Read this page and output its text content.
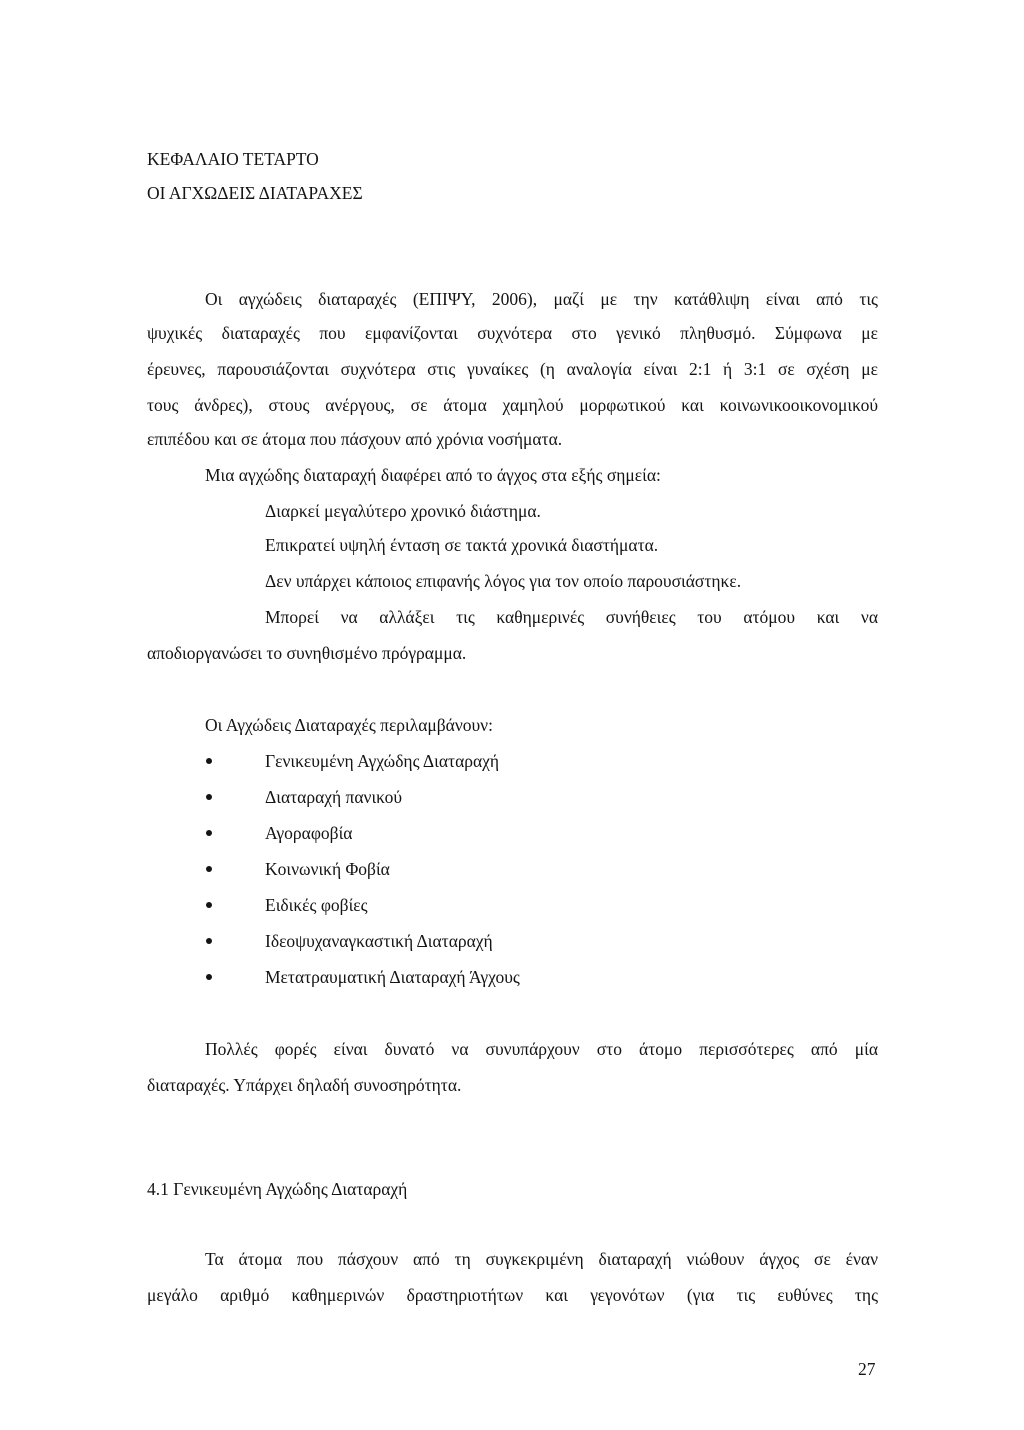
ΚΕΦΑΛΑΙΟ ΤΕΤΑΡΤΟ
ΟΙ ΑΓΧΩΔΕΙΣ ΔΙΑΤΑΡΑΧΕΣ
Οι αγχώδεις διαταραχές (ΕΠΙΨΥ, 2006), μαζί με την κατάθλιψη είναι από τις
ψυχικές διαταραχές που εμφανίζονται συχνότερα στο γενικό πληθυσμό. Σύμφωνα με
έρευνες, παρουσιάζονται συχνότερα στις γυναίκες (η αναλογία είναι 2:1 ή 3:1 σε σχέση με
τους άνδρες), στους ανέργους, σε άτομα χαμηλού μορφωτικού και κοινωνικοοικονομικού
επιπέδου και σε άτομα που πάσχουν από χρόνια νοσήματα.
Μια αγχώδης διαταραχή διαφέρει από το άγχος στα εξής σημεία:
Διαρκεί μεγαλύτερο χρονικό διάστημα.
Επικρατεί υψηλή ένταση σε τακτά χρονικά διαστήματα.
Δεν υπάρχει κάποιος επιφανής λόγος για τον οποίο παρουσιάστηκε.
Μπορεί να αλλάξει τις καθημερινές συνήθειες του ατόμου και να
αποδιοργανώσει το συνηθισμένο πρόγραμμα.
Οι Αγχώδεις Διαταραχές περιλαμβάνουν:
Γενικευμένη Αγχώδης Διαταραχή
Διαταραχή πανικού
Αγοραφοβία
Κοινωνική Φοβία
Ειδικές φοβίες
Ιδεοψυχαναγκαστική Διαταραχή
Μετατραυματική Διαταραχή Άγχους
Πολλές φορές είναι δυνατό να συνυπάρχουν στο άτομο περισσότερες από μία
διαταραχές. Υπάρχει δηλαδή συνοσηρότητα.
4.1 Γενικευμένη Αγχώδης Διαταραχή
Τα άτομα που πάσχουν από τη συγκεκριμένη διαταραχή νιώθουν άγχος σε έναν
μεγάλο αριθμό καθημερινών δραστηριοτήτων και γεγονότων (για τις ευθύνες της
27
